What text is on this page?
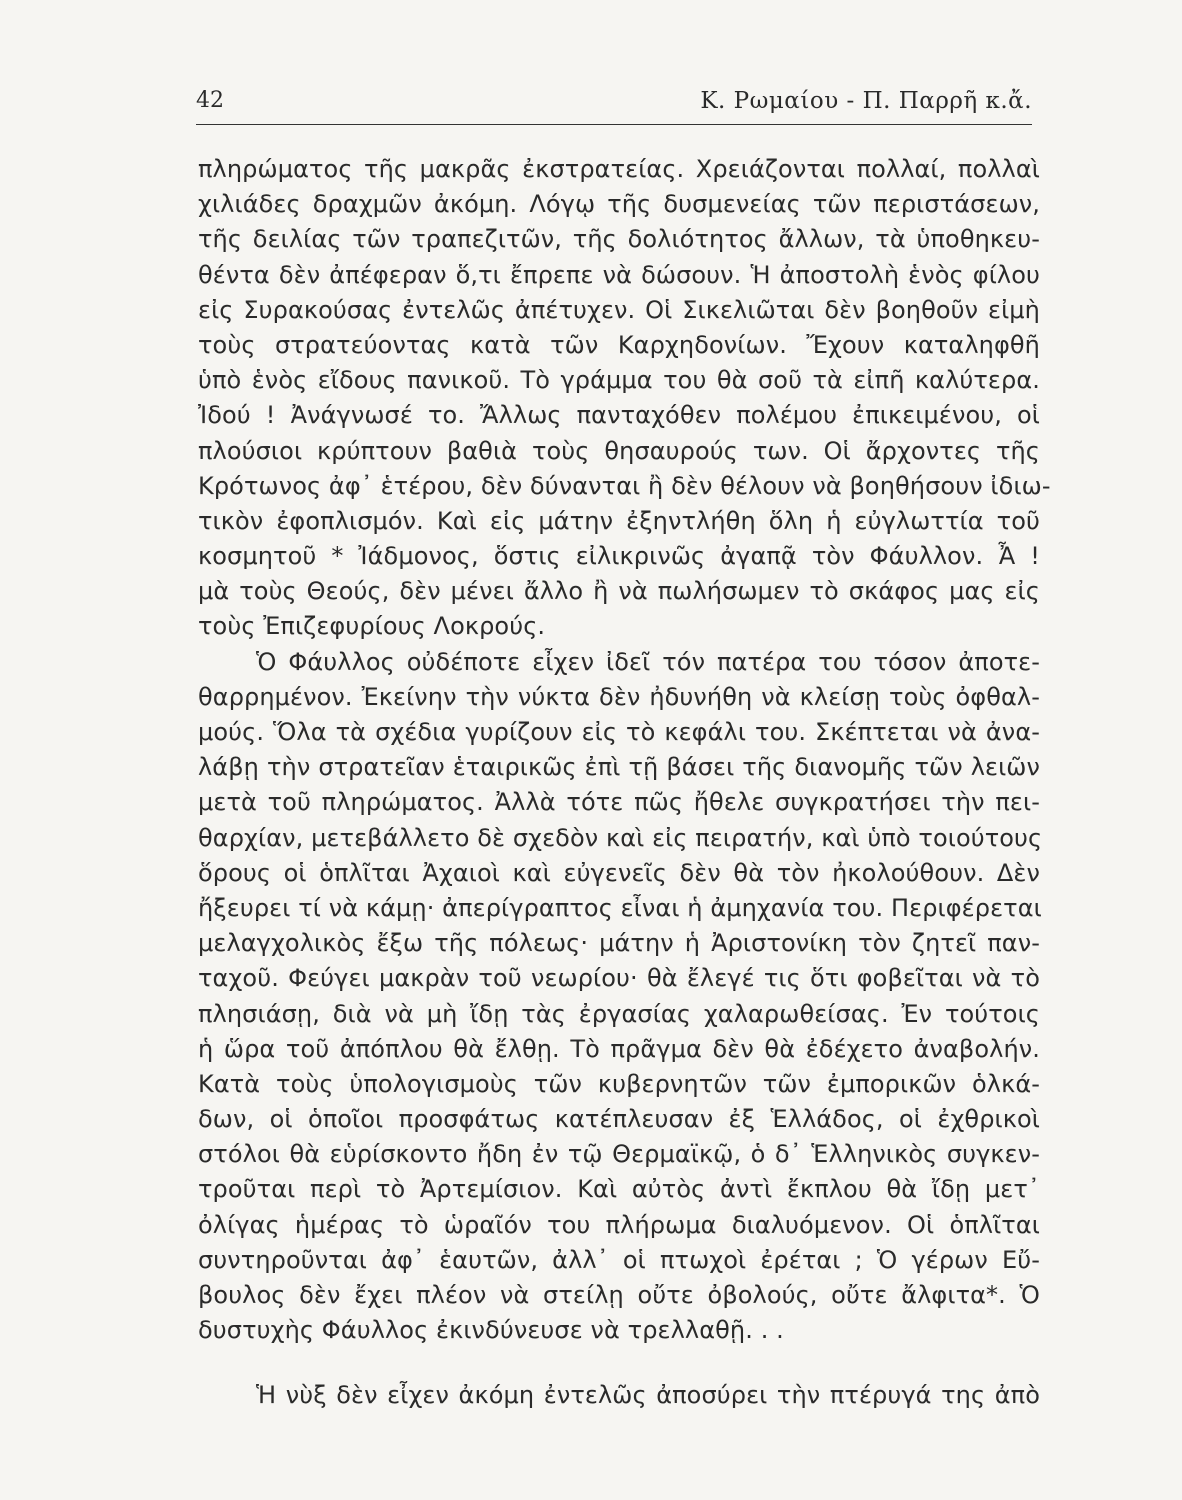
42	Κ. Ρωμαίου - Π. Παρρῆ κ.ἄ.
πληρώματος τῆς μακρᾶς ἐκστρατείας. Χρειάζονται πολλαί, πολλαὶ
χιλιάδες δραχμῶν ἀκόμη. Λόγῳ τῆς δυσμενείας τῶν περιστάσεων,
τῆς δειλίας τῶν τραπεζιτῶν, τῆς δολιότητος ἄλλων, τὰ ὑποθηκευ-
θέντα δὲν ἀπέφεραν ὅ,τι ἔπρεπε νὰ δώσουν. Ἡ ἀποστολὴ ἑνὸς φίλου
εἰς Συρακούσας ἐντελῶς ἀπέτυχεν. Οἱ Σικελιῶται δὲν βοηθοῦν εἰμὴ
τοὺς στρατεύοντας κατὰ τῶν Καρχηδονίων. Ἔχουν καταληφθῆ
ὑπὸ ἑνὸς εἴδους πανικοῦ. Τὸ γράμμα του θὰ σοῦ τὰ εἰπῆ καλύτερα.
Ἰδού ! Ἀνάγνωσέ το. Ἄλλως πανταχόθεν πολέμου ἐπικειμένου, οἱ
πλούσιοι κρύπτουν βαθιὰ τοὺς θησαυρούς των. Οἱ ἄρχοντες τῆς
Κρότωνος ἀφ᾽ ἑτέρου, δὲν δύνανται ἢ δὲν θέλουν νὰ βοηθήσουν ἰδιω-
τικὸν ἐφοπλισμόν. Καὶ εἰς μάτην ἐξηντλήθη ὅλη ἡ εὐγλωττία τοῦ
κοσμητοῦ * Ἰάδμονος, ὅστις εἰλικρινῶς ἀγαπᾷ τὸν Φάυλλον. Ἆ !
μὰ τοὺς Θεούς, δὲν μένει ἄλλο ἢ νὰ πωλήσωμεν τὸ σκάφος μας εἰς
τοὺς Ἐπιζεφυρίους Λοκρούς.
Ὁ Φάυλλος οὐδέποτε εἶχεν ἰδεῖ τόν πατέρα του τόσον ἀποτε-
θαρρημένον. Ἐκείνην τὴν νύκτα δὲν ἠδυνήθη νὰ κλείσῃ τοὺς ὀφθαλ-
μούς. Ὅλα τὰ σχέδια γυρίζουν εἰς τὸ κεφάλι του. Σκέπτεται νὰ ἀνα-
λάβῃ τὴν στρατεῖαν ἑταιρικῶς ἐπὶ τῇ βάσει τῆς διανομῆς τῶν λειῶν
μετὰ τοῦ πληρώματος. Ἀλλὰ τότε πῶς ἤθελε συγκρατήσει τὴν πει-
θαρχίαν, μετεβάλλετο δὲ σχεδὸν καὶ εἰς πειρατήν, καὶ ὑπὸ τοιούτους
ὅρους οἱ ὁπλῖται Ἀχαιοὶ καὶ εὐγενεῖς δὲν θὰ τὸν ἠκολούθουν. Δὲν
ἤξευρει τί νὰ κάμῃ· ἀπερίγραπτος εἶναι ἡ ἀμηχανία του. Περιφέρεται
μελαγχολικὸς ἔξω τῆς πόλεως· μάτην ἡ Ἀριστονίκη τὸν ζητεῖ παν-
ταχοῦ. Φεύγει μακρὰν τοῦ νεωρίου· θὰ ἔλεγέ τις ὅτι φοβεῖται νὰ τὸ
πλησιάσῃ, διὰ νὰ μὴ ἴδῃ τὰς ἐργασίας χαλαρωθείσας. Ἐν τούτοις
ἡ ὥρα τοῦ ἀπόπλου θὰ ἔλθῃ. Τὸ πρᾶγμα δὲν θὰ ἐδέχετο ἀναβολήν.
Κατὰ τοὺς ὑπολογισμοὺς τῶν κυβερνητῶν τῶν ἐμπορικῶν ὁλκά-
δων, οἱ ὁποῖοι προσφάτως κατέπλευσαν ἐξ Ἑλλάδος, οἱ ἐχθρικοὶ
στόλοι θὰ εὑρίσκοντο ἤδη ἐν τῷ Θερμαϊκῷ, ὁ δ᾽ Ἑλληνικὸς συγκεν-
τροῦται περὶ τὸ Ἀρτεμίσιον. Καὶ αὐτὸς ἀντὶ ἔκπλου θὰ ἴδῃ μετ᾽
ὀλίγας ἡμέρας τὸ ὡραῖόν του πλήρωμα διαλυόμενον. Οἱ ὁπλῖται
συντηροῦνται ἀφ᾽ ἑαυτῶν, ἀλλ᾽ οἱ πτωχοὶ ἐρέται ; Ὁ γέρων Εὔ-
βουλος δὲν ἔχει πλέον νὰ στείλῃ οὔτε ὀβολούς, οὔτε ἄλφιτα*. Ὁ
δυστυχὴς Φάυλλος ἐκινδύνευσε νὰ τρελλαθῇ. . .
Ἡ νὺξ δὲν εἶχεν ἀκόμη ἐντελῶς ἀποσύρει τὴν πτέρυγά της ἀπὸ
